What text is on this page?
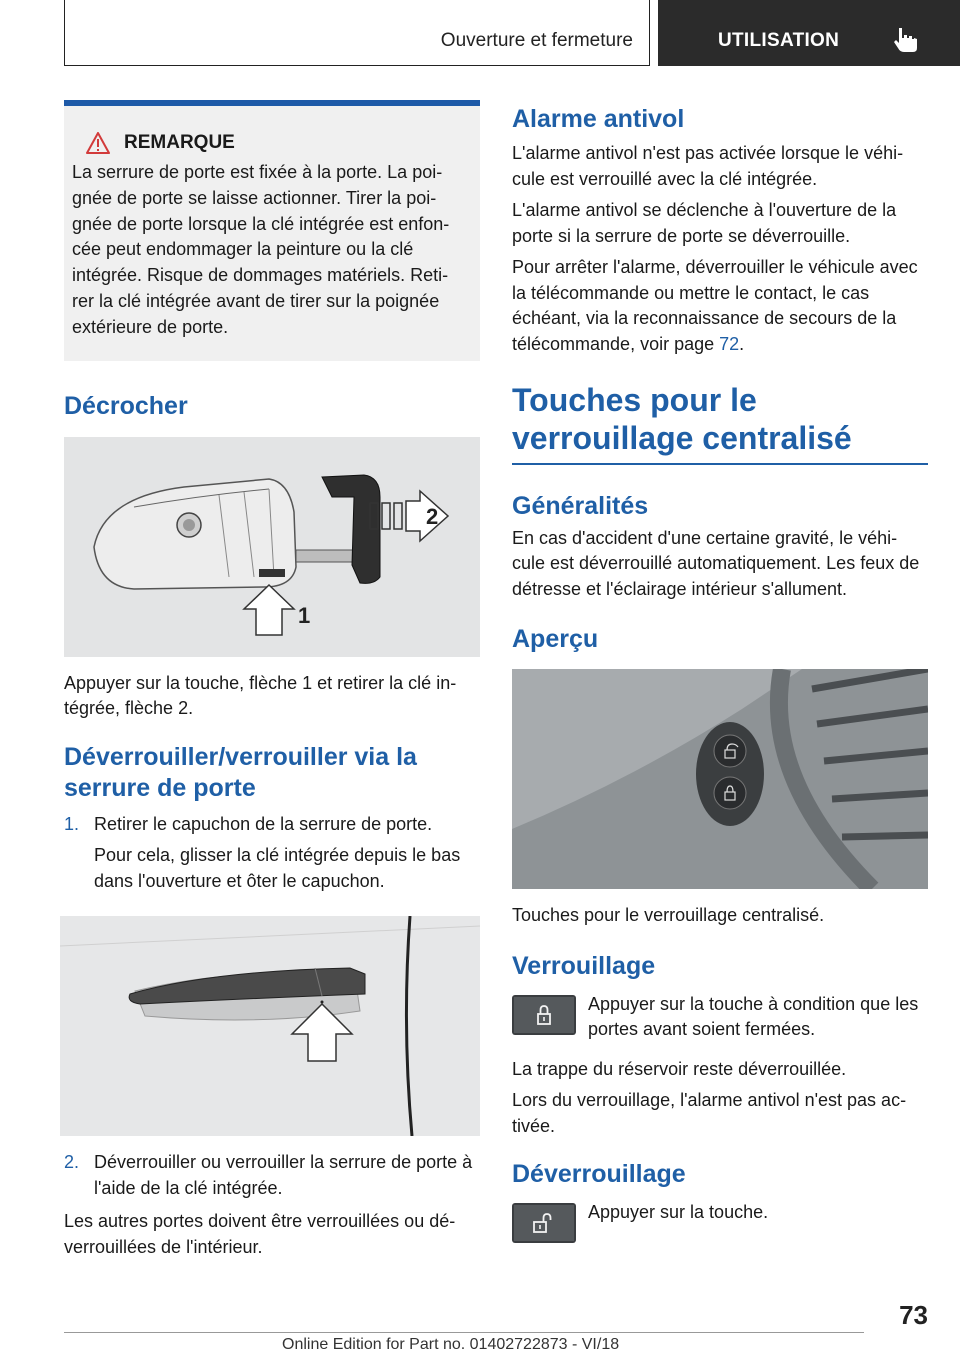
Ouverture et fermeture	UTILISATION
REMARQUE

La serrure de porte est fixée à la porte. La poi-gnée de porte se laisse actionner. Tirer la poi-gnée de porte lorsque la clé intégrée est enfon-cée peut endommager la peinture ou la clé intégrée. Risque de dommages matériels. Reti-rer la clé intégrée avant de tirer sur la poignée extérieure de porte.

Décrocher
2
1

Appuyer sur la touche, flèche 1 et retirer la clé in-tégrée, flèche 2.

Déverrouiller/verrouiller via la serrure de porte
1. Retirer le capuchon de la serrure de porte.
Pour cela, glisser la clé intégrée depuis le bas dans l'ouverture et ôter le capuchon.
2. Déverrouiller ou verrouiller la serrure de porte à l'aide de la clé intégrée.

Les autres portes doivent être verrouillées ou dé-verrouillées de l'intérieur.

Alarme antivol

L'alarme antivol n'est pas activée lorsque le véhi-cule est verrouillé avec la clé intégrée.

L'alarme antivol se déclenche à l'ouverture de la porte si la serrure de porte se déverrouille.

Pour arrêter l'alarme, déverrouiller le véhicule avec la télécommande ou mettre le contact, le cas échéant, via la reconnaissance de secours de la télécommande, voir page 72.

Touches pour le verrouillage centralisé
Généralités

En cas d'accident d'une certaine gravité, le véhi-cule est déverrouillé automatiquement. Les feux de détresse et l'éclairage intérieur s'allument.

Aperçu

Touches pour le verrouillage centralisé.

Verrouillage

Appuyer sur la touche à condition que les portes avant soient fermées.

La trappe du réservoir reste déverrouillée.

Lors du verrouillage, l'alarme antivol n'est pas ac-tivée.

Déverrouillage

Appuyer sur la touche.

73
Online Edition for Part no. 01402722873 - VI/18
